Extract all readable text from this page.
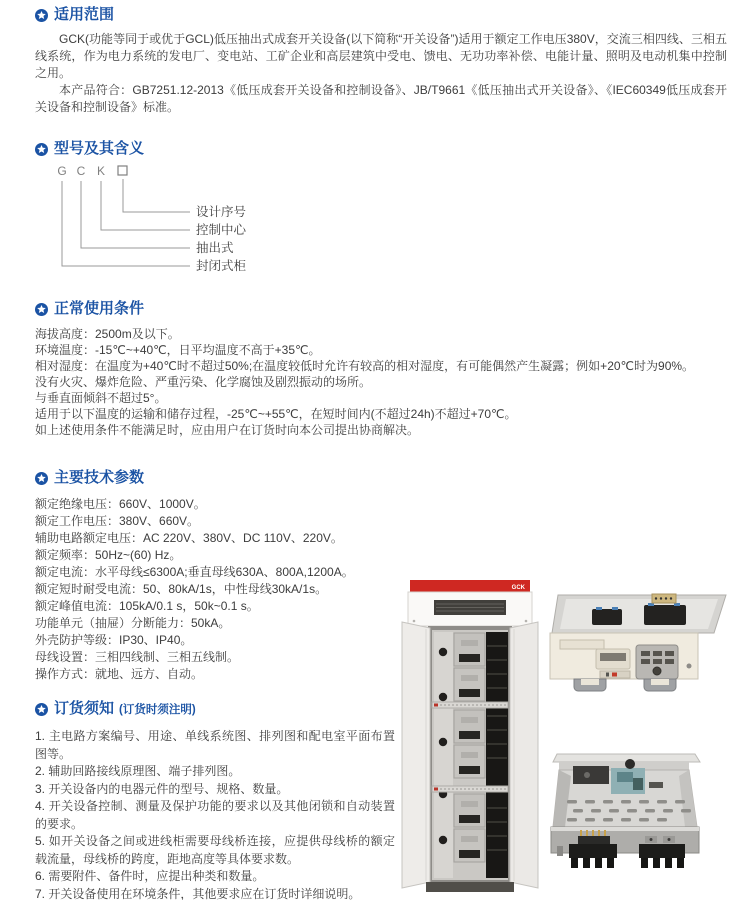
适用范围

GCK(功能等同于或优于GCL)低压抽出式成套开关设备(以下简称“开关设备”)适用于额定工作电压380V，交流三相四线、三相五线系统，作为电力系统的发电厂、变电站、工矿企业和高层建筑中受电、馈电、无功功率补偿、电能计量、照明及电动机集中控制之用。

本产品符合：GB7251.12-2013《低压成套开关设备和控制设备》、JB/T9661《低压抽出式开关设备》、《IEC60349低压成套开关设备和控制设备》标准。

型号及其含义
G C K
设计序号
控制中心
抽出式
封闭式柜
正常使用条件
海拔高度：2500m及以下。
环境温度：-15℃~+40℃，日平均温度不高于+35℃。
相对湿度：在温度为+40℃时不超过50%;在温度较低时允许有较高的相对湿度，有可能偶然产生凝露；例如+20℃时为90%。
没有火灾、爆炸危险、严重污染、化学腐蚀及剧烈振动的场所。
与垂直面倾斜不超过5°。
适用于以下温度的运输和储存过程，-25℃~+55℃，在短时间内(不超过24h)不超过+70℃。
如上述使用条件不能满足时，应由用户在订货时向本公司提出协商解决。
主要技术参数
额定绝缘电压：660V、1000V。
额定工作电压：380V、660V。
辅助电路额定电压：AC 220V、380V、DC 110V、220V。
额定频率：50Hz~(60) Hz。
额定电流：水平母线≤6300A;垂直母线630A、800A,1200A。
额定短时耐受电流：50、80kA/1s，中性母线30kA/1s。
额定峰值电流：105kA/0.1 s，50k~0.1 s。
功能单元（抽屉）分断能力：50kA。
外壳防护等级：IP30、IP40。
母线设置：三相四线制、三相五线制。
操作方式：就地、远方、自动。
订货须知 (订货时须注明)
1. 主电路方案编号、用途、单线系统图、排列图和配电室平面布置图等。
2. 辅助回路接线原理图、端子排列图。
3. 开关设备内的电器元件的型号、规格、数量。
4. 开关设备控制、测量及保护功能的要求以及其他闭锁和自动装置的要求。
5. 如开关设备之间或进线柜需要母线桥连接，应提供母线桥的额定载流量，母线桥的跨度，距地高度等具体要求数。
6. 需要附件、备件时，应提出种类和数量。
7. 开关设备使用在环境条件，其他要求应在订货时详细说明。
GCK
